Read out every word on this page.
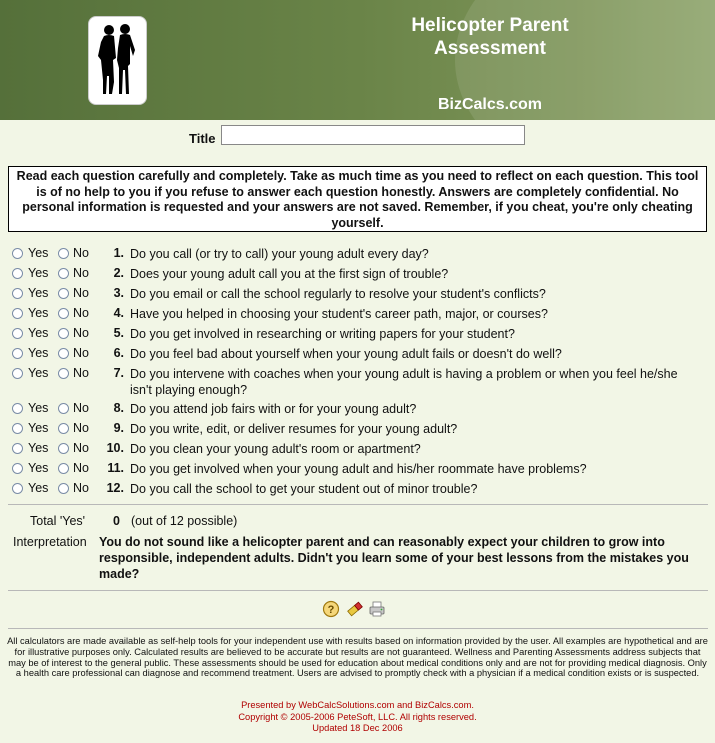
Helicopter Parent
Assessment
BizCalcs.com
Title
Read each question carefully and completely. Take as much time as you need to reflect on each question. This tool is of no help to you if you refuse to answer each question honestly. Answers are completely confidential. No personal information is requested and your answers are not saved. Remember, if you cheat, you're only cheating yourself.
Yes No	1. Do you call (or try to call) your young adult every day?
Yes No	2. Does your young adult call you at the first sign of trouble?
Yes No	3. Do you email or call the school regularly to resolve your student's conflicts?
Yes No	4. Have you helped in choosing your student's career path, major, or courses?
Yes No	5. Do you get involved in researching or writing papers for your student?
Yes No	6. Do you feel bad about yourself when your young adult fails or doesn't do well?
Yes No	7. Do you intervene with coaches when your young adult is having a problem or when you feel he/she isn't playing enough?
Yes No	8. Do you attend job fairs with or for your young adult?
Yes No	9. Do you write, edit, or deliver resumes for your young adult?
Yes No 10. Do you clean your young adult's room or apartment?
Yes No 11. Do you get involved when your young adult and his/her roommate have problems?
Yes No 12. Do you call the school to get your student out of minor trouble?
Total 'Yes' 0 (out of 12 possible)
Interpretation You do not sound like a helicopter parent and can reasonably expect your children to grow into responsible, independent adults. Didn't you learn some of your best lessons from the mistakes you made?
?
All calculators are made available as self-help tools for your independent use with results based on information provided by the user. All examples are hypothetical and are for illustrative purposes only. Calculated results are believed to be accurate but results are not guaranteed. Wellness and Parenting Assessments address subjects that may be of interest to the general public. These assessments should be used for education about medical conditions only and are not for providing medical diagnosis. Only a health care professional can diagnose and recommend treatment. Users are advised to promptly check with a physician if a medical condition exists or is suspected.
Presented by WebCalcSolutions.com and BizCalcs.com.
Copyright © 2005-2006 PeteSoft, LLC. All rights reserved.
Updated 18 Dec 2006
